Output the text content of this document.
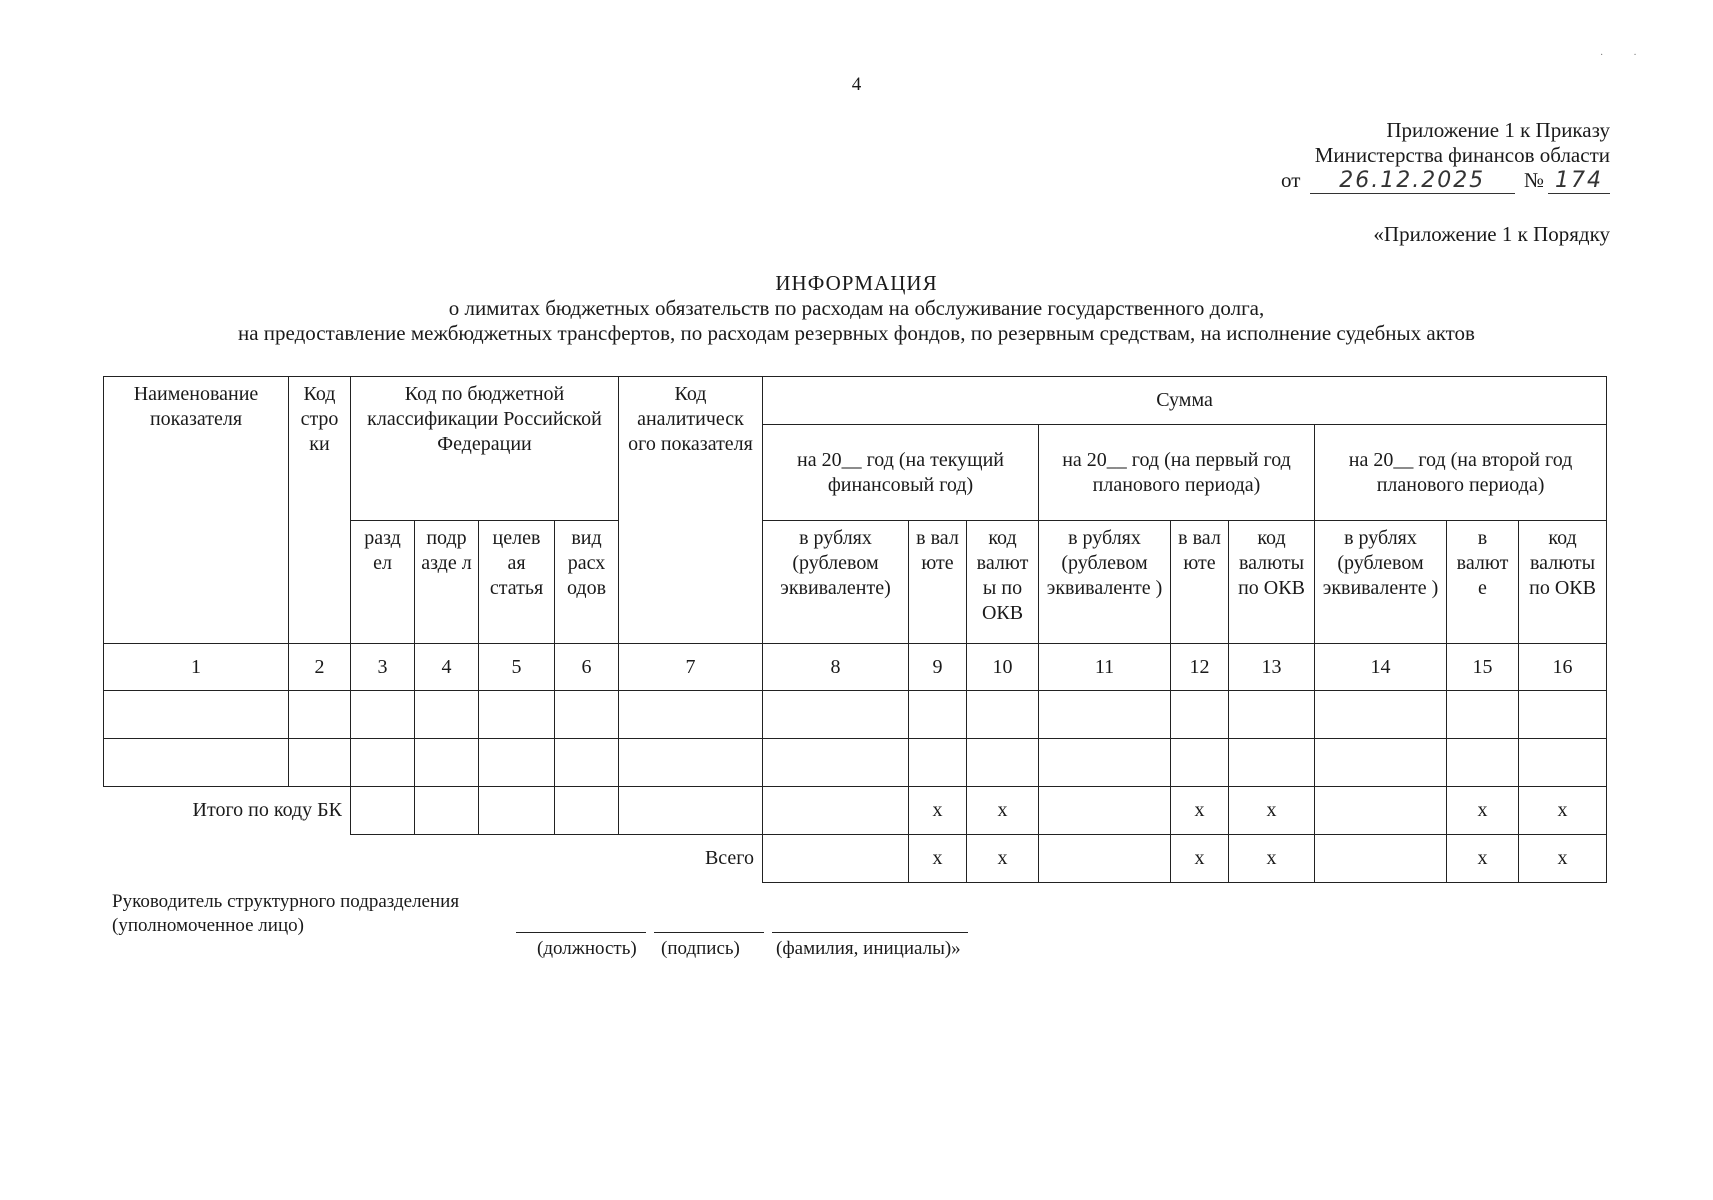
4
·            ·
Приложение 1 к Приказу
Министерства финансов области
от 26.12.2025 № 174
«Приложение 1 к Порядку
ИНФОРМАЦИЯ
о лимитах бюджетных обязательств по расходам на обслуживание государственного долга,
на предоставление межбюджетных трансфертов, по расходам резервных фондов, по резервным средствам, на исполнение судебных актов
Наименование показателя	Код стро ки	Код по бюджетной классификации Российской Федерации				Код аналитическ ого показателя	Сумма								
							на 20__ год (на текущий финансовый год)			на 20__ год (на первый год планового периода)			на 20__ год (на второй год планового периода)		
		разд ел	подр азде л	целев ая статья	вид расх одов		в рублях (рублевом эквиваленте)	в вал юте	код валют ы по ОКВ	в рублях (рублевом эквиваленте )	в вал юте	код валюты по ОКВ	в рублях (рублевом эквиваленте )	в валют е	код валюты по ОКВ
1	2	3	4	5	6	7	8	9	10	11	12	13	14	15	16

Итого по коду БК								х	х		х	х		х	х
						Всего		х	х		х	х		х	х
Руководитель структурного подразделения
(уполномоченное лицо)
(должность) (подпись) (фамилия, инициалы)»
